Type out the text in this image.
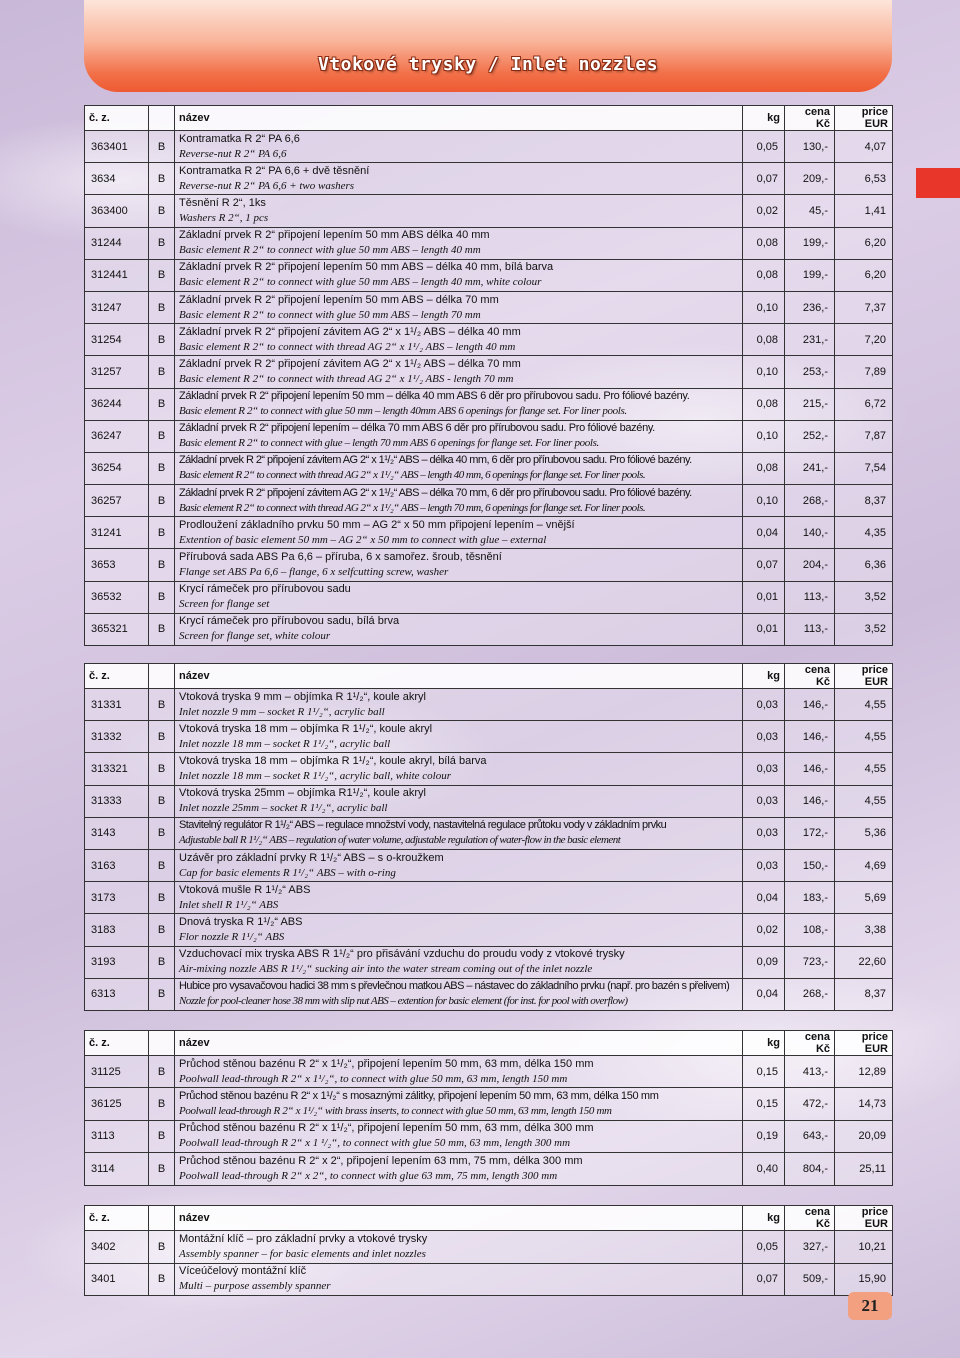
Vtokové trysky / Inlet nozzles
č. z.		název	kg	cena Kč	price EUR
363401	B	Kontramatka R 2“ PA 6,6
Reverse-nut R 2“ PA 6,6	0,05	130,-	4,07
3634	B	Kontramatka R 2“ PA 6,6 + dvě těsnění
Reverse-nut R 2“ PA 6,6 + two washers	0,07	209,-	6,53
363400	B	Těsnění R 2“, 1ks
Washers R 2“, 1 pcs	0,02	45,-	1,41
31244	B	Základní prvek R 2“ připojení lepením 50 mm ABS délka 40 mm
Basic element R 2“ to connect with glue 50 mm ABS – length 40 mm	0,08	199,-	6,20
312441	B	Základní prvek R 2“ připojení lepením 50 mm ABS – délka 40 mm, bílá barva
Basic element R 2“ to connect with glue 50 mm ABS – length 40 mm, white colour	0,08	199,-	6,20
31247	B	Základní prvek R 2“ připojení lepením 50 mm ABS – délka 70 mm
Basic element R 2“ to connect with glue 50 mm ABS – length 70 mm	0,10	236,-	7,37
31254	B	Základní prvek R 2“ připojení závitem AG 2“ x 1¹/₂ ABS – délka 40 mm
Basic element R 2“ to connect with thread AG 2“ x 1¹/₂ ABS – length 40 mm	0,08	231,-	7,20
31257	B	Základní prvek R 2“ připojení závitem AG 2“ x 1¹/₂ ABS – délka 70 mm
Basic element R 2“ to connect with thread AG 2“ x 1¹/₂ ABS - length 70 mm	0,10	253,-	7,89
36244	B	Základní prvek R 2“ připojení lepením 50 mm – délka 40 mm ABS 6 děr pro přírubovou sadu. Pro fóliové bazény.
Basic element R 2“ to connect with glue 50 mm – length 40mm ABS 6 openings for flange set. For liner pools.	0,08	215,-	6,72
36247	B	Základní prvek R 2“ připojení lepením – délka 70 mm ABS 6 děr pro přírubovou sadu. Pro fóliové bazény.
Basic element R 2“ to connect with glue – length 70 mm ABS 6 openings for flange set. For liner pools.	0,10	252,-	7,87
36254	B	Základní prvek R 2“ připojení závitem AG 2“ x 1¹/₂“ ABS – délka 40 mm, 6 děr pro přírubovou sadu. Pro fóliové bazény.
Basic element R 2“ to connect with thread AG 2“ x 1¹/₂“ ABS – length 40 mm, 6 openings for flange set. For liner pools.	0,08	241,-	7,54
36257	B	Základní prvek R 2“ připojení závitem AG 2“ x 1¹/₂“ ABS – délka 70 mm, 6 děr pro přírubovou sadu. Pro fóliové bazény.
Basic element R 2“ to connect with thread AG 2“ x 1¹/₂“ ABS – length 70 mm, 6 openings for flange set. For liner pools.	0,10	268,-	8,37
31241	B	Prodloužení základního prvku 50 mm – AG 2“ x 50 mm připojení lepením – vnější
Extention of basic element 50 mm – AG 2“ x 50 mm to connect with glue – external	0,04	140,-	4,35
3653	B	Přírubová sada ABS Pa 6,6 – příruba, 6 x samořez. šroub, těsnění
Flange set ABS Pa 6,6 – flange, 6 x selfcutting screw, washer	0,07	204,-	6,36
36532	B	Krycí rámeček pro přírubovou sadu
Screen for flange set	0,01	113,-	3,52
365321	B	Krycí rámeček pro přírubovou sadu, bílá brva
Screen for flange set, white colour	0,01	113,-	3,52
č. z.		název	kg	cena Kč	price EUR
31331	B	Vtoková tryska 9 mm – objímka R 1¹/₂“, koule akryl
Inlet nozzle 9 mm – socket R 1¹/₂“, acrylic ball	0,03	146,-	4,55
31332	B	Vtoková tryska 18 mm – objímka R 1¹/₂“, koule akryl
Inlet nozzle 18 mm – socket R 1¹/₂“, acrylic ball	0,03	146,-	4,55
313321	B	Vtoková tryska 18 mm – objímka R 1¹/₂“, koule akryl, bílá barva
Inlet nozzle 18 mm – socket R 1¹/₂“, acrylic ball, white colour	0,03	146,-	4,55
31333	B	Vtoková tryska 25mm – objímka R1¹/₂“, koule akryl
Inlet nozzle 25mm – socket R 1¹/₂“, acrylic ball	0,03	146,-	4,55
3143	B	Stavitelný regulátor R 1¹/₂“ ABS – regulace množství vody, nastavitelná regulace průtoku vody v základním prvku
Adjustable ball R 1¹/₂“ ABS – regulation of water volume, adjustable regulation of water-flow in the basic element	0,03	172,-	5,36
3163	B	Uzávěr pro základní prvky R 1¹/₂“ ABS – s o-kroužkem
Cap for basic elements R 1¹/₂“ ABS – with o-ring	0,03	150,-	4,69
3173	B	Vtoková mušle R 1¹/₂“ ABS
Inlet shell R 1¹/₂“ ABS	0,04	183,-	5,69
3183	B	Dnová tryska R 1¹/₂“ ABS
Flor nozzle R 1¹/₂“ ABS	0,02	108,-	3,38
3193	B	Vzduchovací mix tryska ABS R 1¹/₂“ pro přisávání vzduchu do proudu vody z vtokové trysky
Air-mixing nozzle ABS R 1¹/₂“ sucking air into the water stream coming out of the inlet nozzle	0,09	723,-	22,60
6313	B	Hubice pro vysavačovou hadici 38 mm s převlečnou matkou ABS – nástavec do základního prvku (např. pro bazén s přelivem)
Nozzle for pool-cleaner hose 38 mm with slip nut ABS – extention for basic element (for inst. for pool with overflow)	0,04	268,-	8,37
č. z.		název	kg	cena Kč	price EUR
31125	B	Průchod stěnou bazénu R 2“ x 1¹/₂“, připojení lepením 50 mm, 63 mm, délka 150 mm
Poolwall lead-through R 2“ x 1¹/₂“, to connect with glue 50 mm, 63 mm, length 150 mm	0,15	413,-	12,89
36125	B	Průchod stěnou bazénu R 2“ x 1¹/₂“ s mosaznými zálitky, připojení lepením 50 mm, 63 mm, délka 150 mm
Poolwall lead-through R 2“ x 1¹/₂“ with brass inserts, to connect with glue 50 mm, 63 mm, length 150 mm	0,15	472,-	14,73
3113	B	Průchod stěnou bazénu R 2“ x 1¹/₂“, připojení lepením 50 mm, 63 mm, délka 300 mm
Poolwall lead-through R 2“ x 1 ¹/₂“, to connect with glue 50 mm, 63 mm, length 300 mm	0,19	643,-	20,09
3114	B	Průchod stěnou bazénu R 2“ x 2“, připojení lepením 63 mm, 75 mm, délka 300 mm
Poolwall lead-through R 2“ x 2“, to connect with glue 63 mm, 75 mm, length 300 mm	0,40	804,-	25,11
č. z.		název	kg	cena Kč	price EUR
3402	B	Montážní klíč – pro základní prvky a vtokové trysky
Assembly spanner – for basic elements and inlet nozzles	0,05	327,-	10,21
3401	B	Víceúčelový montážní klíč
Multi – purpose assembly spanner	0,07	509,-	15,90
21
